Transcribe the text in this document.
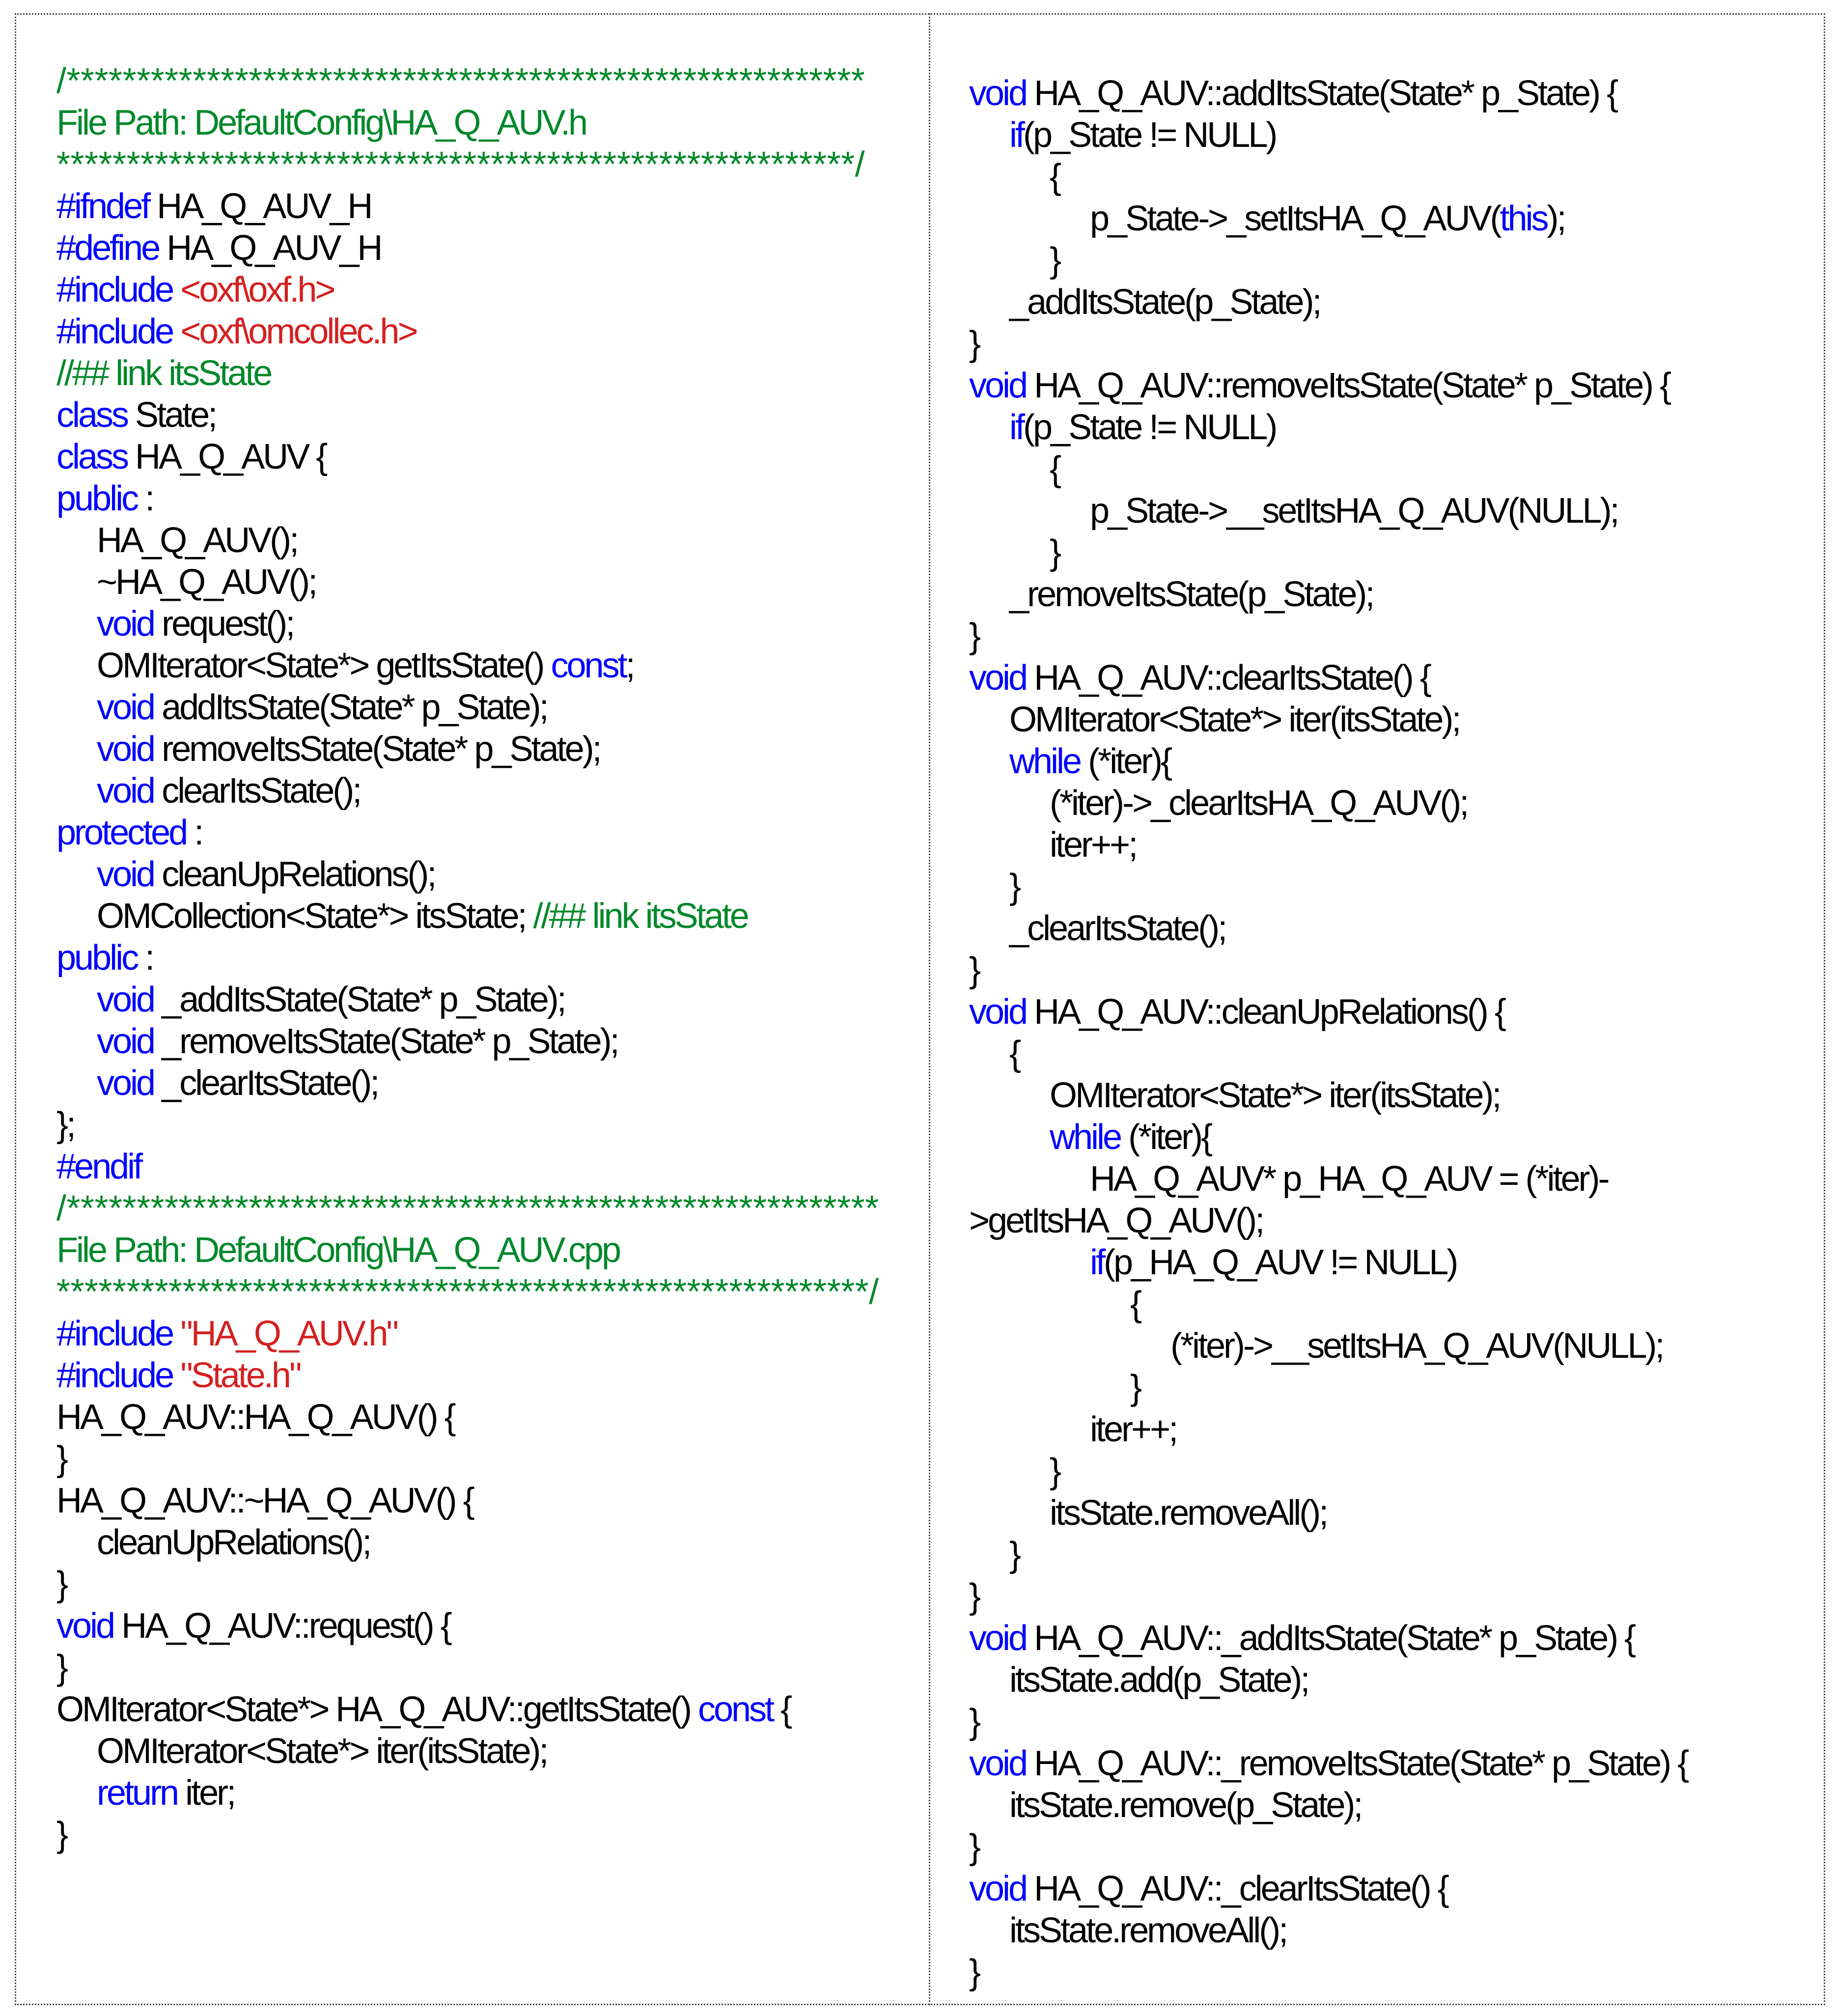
/*********************************************************
File Path: DefaultConfig\HA_Q_AUV.h
*********************************************************/
#ifndef HA_Q_AUV_H
#define HA_Q_AUV_H
#include <oxf\oxf.h>
#include <oxf\omcollec.h>
//## link itsState
class State;
class HA_Q_AUV {
public :
HA_Q_AUV();
~HA_Q_AUV();
void request();
OMIterator<State*> getItsState() const;
void addItsState(State* p_State);
void removeItsState(State* p_State);
void clearItsState();
protected :
void cleanUpRelations();
OMCollection<State*> itsState; //## link itsState
public :
void _addItsState(State* p_State);
void _removeItsState(State* p_State);
void _clearItsState();
};
#endif
/**********************************************************
File Path: DefaultConfig\HA_Q_AUV.cpp
**********************************************************/
#include "HA_Q_AUV.h"
#include "State.h"
HA_Q_AUV::HA_Q_AUV() {
}
HA_Q_AUV::~HA_Q_AUV() {
cleanUpRelations();
}
void HA_Q_AUV::request() {
}
OMIterator<State*> HA_Q_AUV::getItsState() const {
OMIterator<State*> iter(itsState);
return iter;
}
void HA_Q_AUV::addItsState(State* p_State) {
if(p_State != NULL)
{
p_State->_setItsHA_Q_AUV(this);
}
_addItsState(p_State);
}
void HA_Q_AUV::removeItsState(State* p_State) {
if(p_State != NULL)
{
p_State->__setItsHA_Q_AUV(NULL);
}
_removeItsState(p_State);
}
void HA_Q_AUV::clearItsState() {
OMIterator<State*> iter(itsState);
while (*iter){
(*iter)->_clearItsHA_Q_AUV();
iter++;
}
_clearItsState();
}
void HA_Q_AUV::cleanUpRelations() {
{
OMIterator<State*> iter(itsState);
while (*iter){
HA_Q_AUV* p_HA_Q_AUV = (*iter)-
>getItsHA_Q_AUV();
if(p_HA_Q_AUV != NULL)
{
(*iter)->__setItsHA_Q_AUV(NULL);
}
iter++;
}
itsState.removeAll();
}
}
void HA_Q_AUV::_addItsState(State* p_State) {
itsState.add(p_State);
}
void HA_Q_AUV::_removeItsState(State* p_State) {
itsState.remove(p_State);
}
void HA_Q_AUV::_clearItsState() {
itsState.removeAll();
}
